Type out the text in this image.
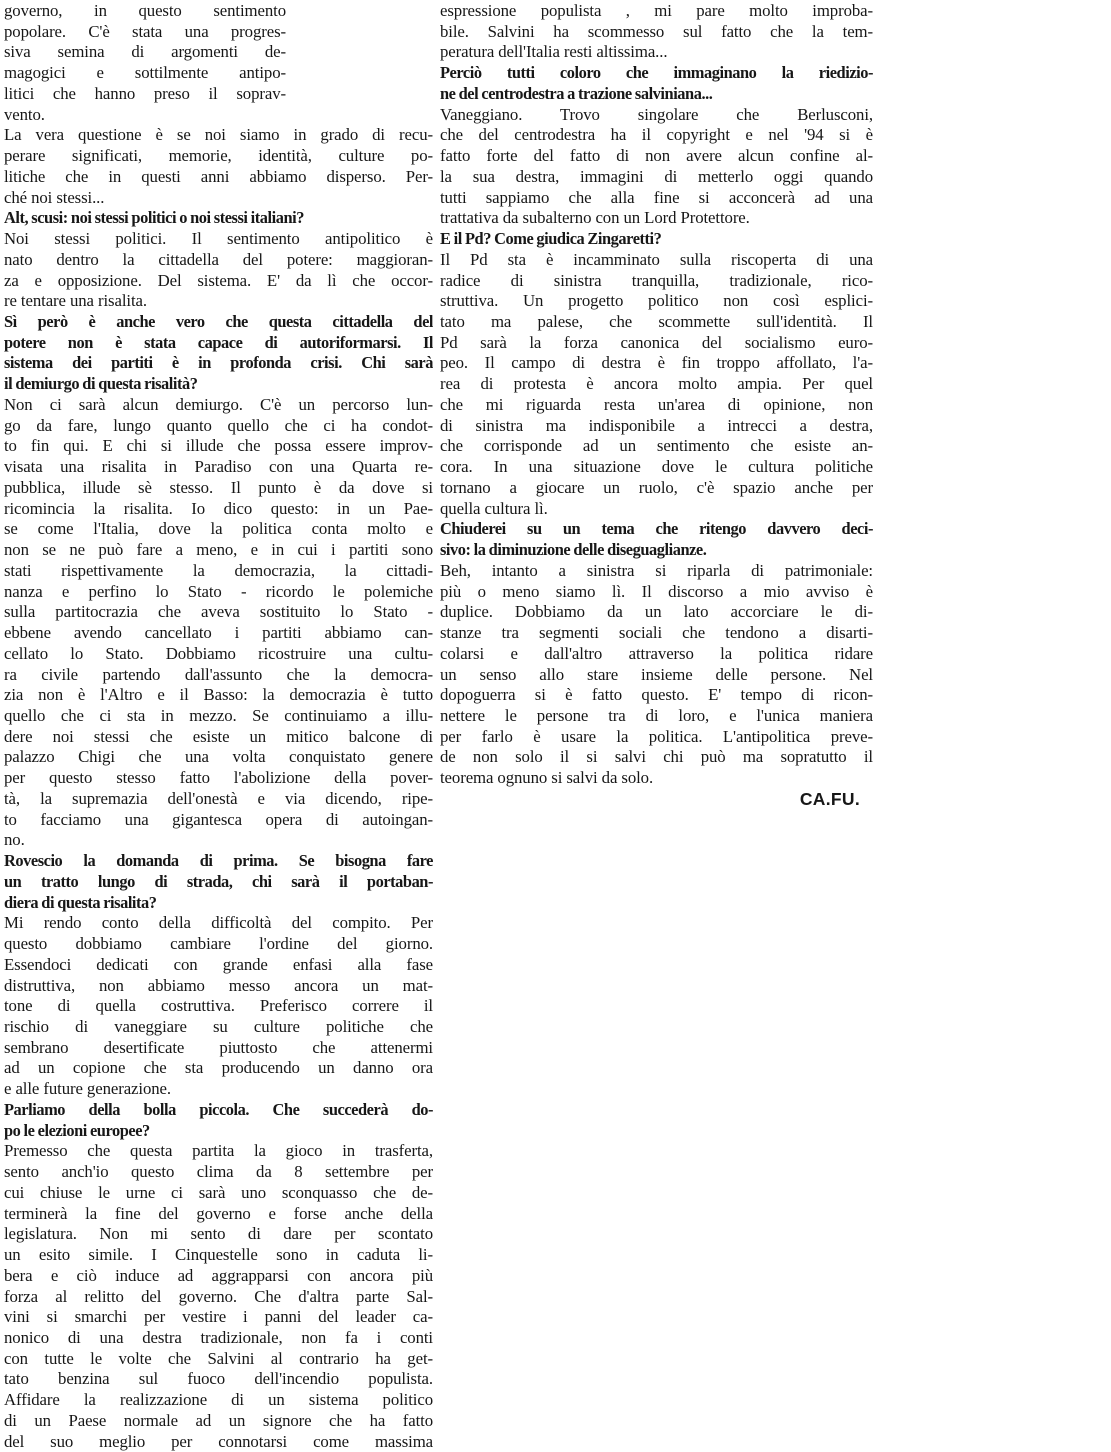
governo, in questo sentimento
popolare. C'è stata una progres-
siva semina di argomenti de-
magogici e sottilmente antipo-
litici che hanno preso il soprav-
vento.
La vera questione è se noi siamo in grado di recu-
perare significati, memorie, identità, culture po-
litiche che in questi anni abbiamo disperso. Per-
ché noi stessi...
Alt, scusi: noi stessi politici o noi stessi italiani?
Noi stessi politici. Il sentimento antipolitico è
nato dentro la cittadella del potere: maggioran-
za e opposizione. Del sistema. E' da lì che occor-
re tentare una risalita.
Sì però è anche vero che questa cittadella del
potere non è stata capace di autoriformarsi. Il
sistema dei partiti è in profonda crisi. Chi sarà
il demiurgo di questa risalità?
Non ci sarà alcun demiurgo. C'è un percorso lun-
go da fare, lungo quanto quello che ci ha condot-
to fin qui. E chi si illude che possa essere improv-
visata una risalita in Paradiso con una Quarta re-
pubblica, illude sè stesso. Il punto è da dove si
ricomincia la risalita. Io dico questo: in un Pae-
se come l'Italia, dove la politica conta molto e
non se ne può fare a meno, e in cui i partiti sono
stati rispettivamente la democrazia, la cittadi-
nanza e perfino lo Stato - ricordo le polemiche
sulla partitocrazia che aveva sostituito lo Stato -
ebbene avendo cancellato i partiti abbiamo can-
cellato lo Stato. Dobbiamo ricostruire una cultu-
ra civile partendo dall'assunto che la democra-
zia non è l'Altro e il Basso: la democrazia è tutto
quello che ci sta in mezzo. Se continuiamo a illu-
dere noi stessi che esiste un mitico balcone di
palazzo Chigi che una volta conquistato genere
per questo stesso fatto l'abolizione della pover-
tà, la supremazia dell'onestà e via dicendo, ripe-
to facciamo una gigantesca opera di autoingan-
no.
Rovescio la domanda di prima. Se bisogna fare
un tratto lungo di strada, chi sarà il portaban-
diera di questa risalita?
Mi rendo conto della difficoltà del compito. Per
questo dobbiamo cambiare l'ordine del giorno.
Essendoci dedicati con grande enfasi alla fase
distruttiva, non abbiamo messo ancora un mat-
tone di quella costruttiva. Preferisco correre il
rischio di vaneggiare su culture politiche che
sembrano desertificate piuttosto che attenermi
ad un copione che sta producendo un danno ora
e alle future generazione.
Parliamo della bolla piccola. Che succederà do-
po le elezioni europee?
Premesso che questa partita la gioco in trasferta,
sento anch'io questo clima da 8 settembre per
cui chiuse le urne ci sarà uno sconquasso che de-
terminerà la fine del governo e forse anche della
legislatura. Non mi sento di dare per scontato
un esito simile. I Cinquestelle sono in caduta li-
bera e ciò induce ad aggrapparsi con ancora più
forza al relitto del governo. Che d'altra parte Sal-
vini si smarchi per vestire i panni del leader ca-
nonico di una destra tradizionale, non fa i conti
con tutte le volte che Salvini al contrario ha get-
tato benzina sul fuoco dell'incendio populista.
Affidare la realizzazione di un sistema politico
di un Paese normale ad un signore che ha fatto
del suo meglio per connotarsi come massima
espressione populista , mi pare molto improba-
bile. Salvini ha scommesso sul fatto che la tem-
peratura dell'Italia resti altissima...
Perciò tutti coloro che immaginano la riedizio-
ne del centrodestra a trazione salviniana...
Vaneggiano. Trovo singolare che Berlusconi,
che del centrodestra ha il copyright e nel '94 si è
fatto forte del fatto di non avere alcun confine al-
la sua destra, immagini di metterlo oggi quando
tutti sappiamo che alla fine si acconcerà ad una
trattativa da subalterno con un Lord Protettore.
E il Pd? Come giudica Zingaretti?
Il Pd sta è incamminato sulla riscoperta di una
radice di sinistra tranquilla, tradizionale, rico-
struttiva. Un progetto politico non così esplici-
tato ma palese, che scommette sull'identità. Il
Pd sarà la forza canonica del socialismo euro-
peo. Il campo di destra è fin troppo affollato, l'a-
rea di protesta è ancora molto ampia. Per quel
che mi riguarda resta un'area di opinione, non
di sinistra ma indisponibile a intrecci a destra,
che corrisponde ad un sentimento che esiste an-
cora. In una situazione dove le cultura politiche
tornano a giocare un ruolo, c'è spazio anche per
quella cultura lì.
Chiuderei su un tema che ritengo davvero deci-
sivo: la diminuzione delle diseguaglianze.
Beh, intanto a sinistra si riparla di patrimoniale:
più o meno siamo lì. Il discorso a mio avviso è
duplice. Dobbiamo da un lato accorciare le di-
stanze tra segmenti sociali che tendono a disarti-
colarsi e dall'altro attraverso la politica ridare
un senso allo stare insieme delle persone. Nel
dopoguerra si è fatto questo. E' tempo di ricon-
nettere le persone tra di loro, e l'unica maniera
per farlo è usare la politica. L'antipolitica preve-
de non solo il si salvi chi può ma sopratutto il
teorema ognuno si salvi da solo.
CA.FU.
